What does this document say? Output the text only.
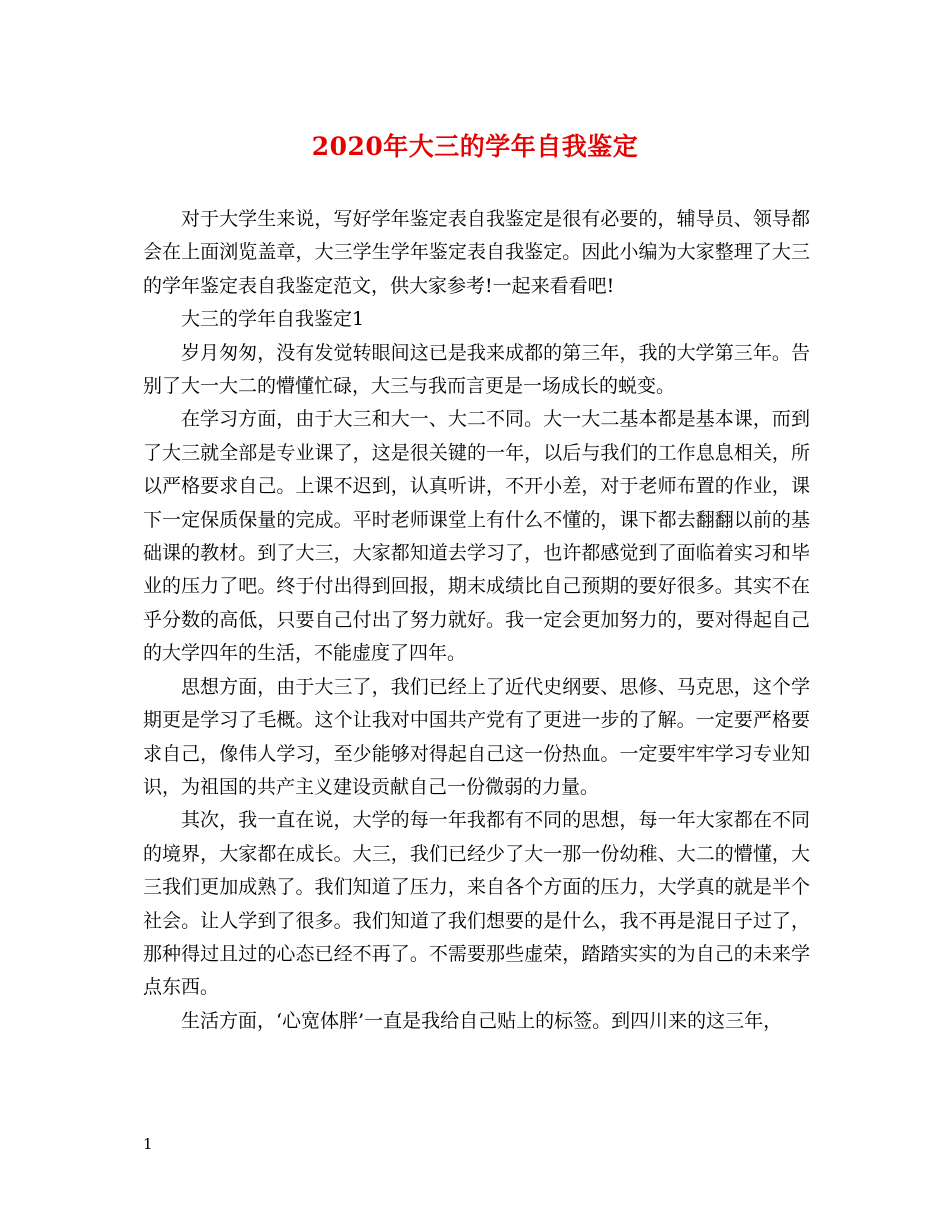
2020年大三的学年自我鉴定

对于大学生来说，写好学年鉴定表自我鉴定是很有必要的，辅导员、领导都会在上面浏览盖章，大三学生学年鉴定表自我鉴定。因此小编为大家整理了大三的学年鉴定表自我鉴定范文，供大家参考!一起来看看吧!

大三的学年自我鉴定1

岁月匆匆，没有发觉转眼间这已是我来成都的第三年，我的大学第三年。告别了大一大二的懵懂忙碌，大三与我而言更是一场成长的蜕变。

在学习方面，由于大三和大一、大二不同。大一大二基本都是基本课，而到了大三就全部是专业课了，这是很关键的一年，以后与我们的工作息息相关，所以严格要求自己。上课不迟到，认真听讲，不开小差，对于老师布置的作业，课下一定保质保量的完成。平时老师课堂上有什么不懂的，课下都去翻翻以前的基础课的教材。到了大三，大家都知道去学习了，也许都感觉到了面临着实习和毕业的压力了吧。终于付出得到回报，期末成绩比自己预期的要好很多。其实不在乎分数的高低，只要自己付出了努力就好。我一定会更加努力的，要对得起自己的大学四年的生活，不能虚度了四年。

思想方面，由于大三了，我们已经上了近代史纲要、思修、马克思，这个学期更是学习了毛概。这个让我对中国共产党有了更进一步的了解。一定要严格要求自己，像伟人学习，至少能够对得起自己这一份热血。一定要牢牢学习专业知识，为祖国的共产主义建设贡献自己一份微弱的力量。

其次，我一直在说，大学的每一年我都有不同的思想，每一年大家都在不同的境界，大家都在成长。大三，我们已经少了大一那一份幼稚、大二的懵懂，大三我们更加成熟了。我们知道了压力，来自各个方面的压力，大学真的就是半个社会。让人学到了很多。我们知道了我们想要的是什么，我不再是混日子过了，那种得过且过的心态已经不再了。不需要那些虚荣，踏踏实实的为自己的未来学点东西。

生活方面，‘心宽体胖’一直是我给自己贴上的标签。到四川来的这三年，

1
